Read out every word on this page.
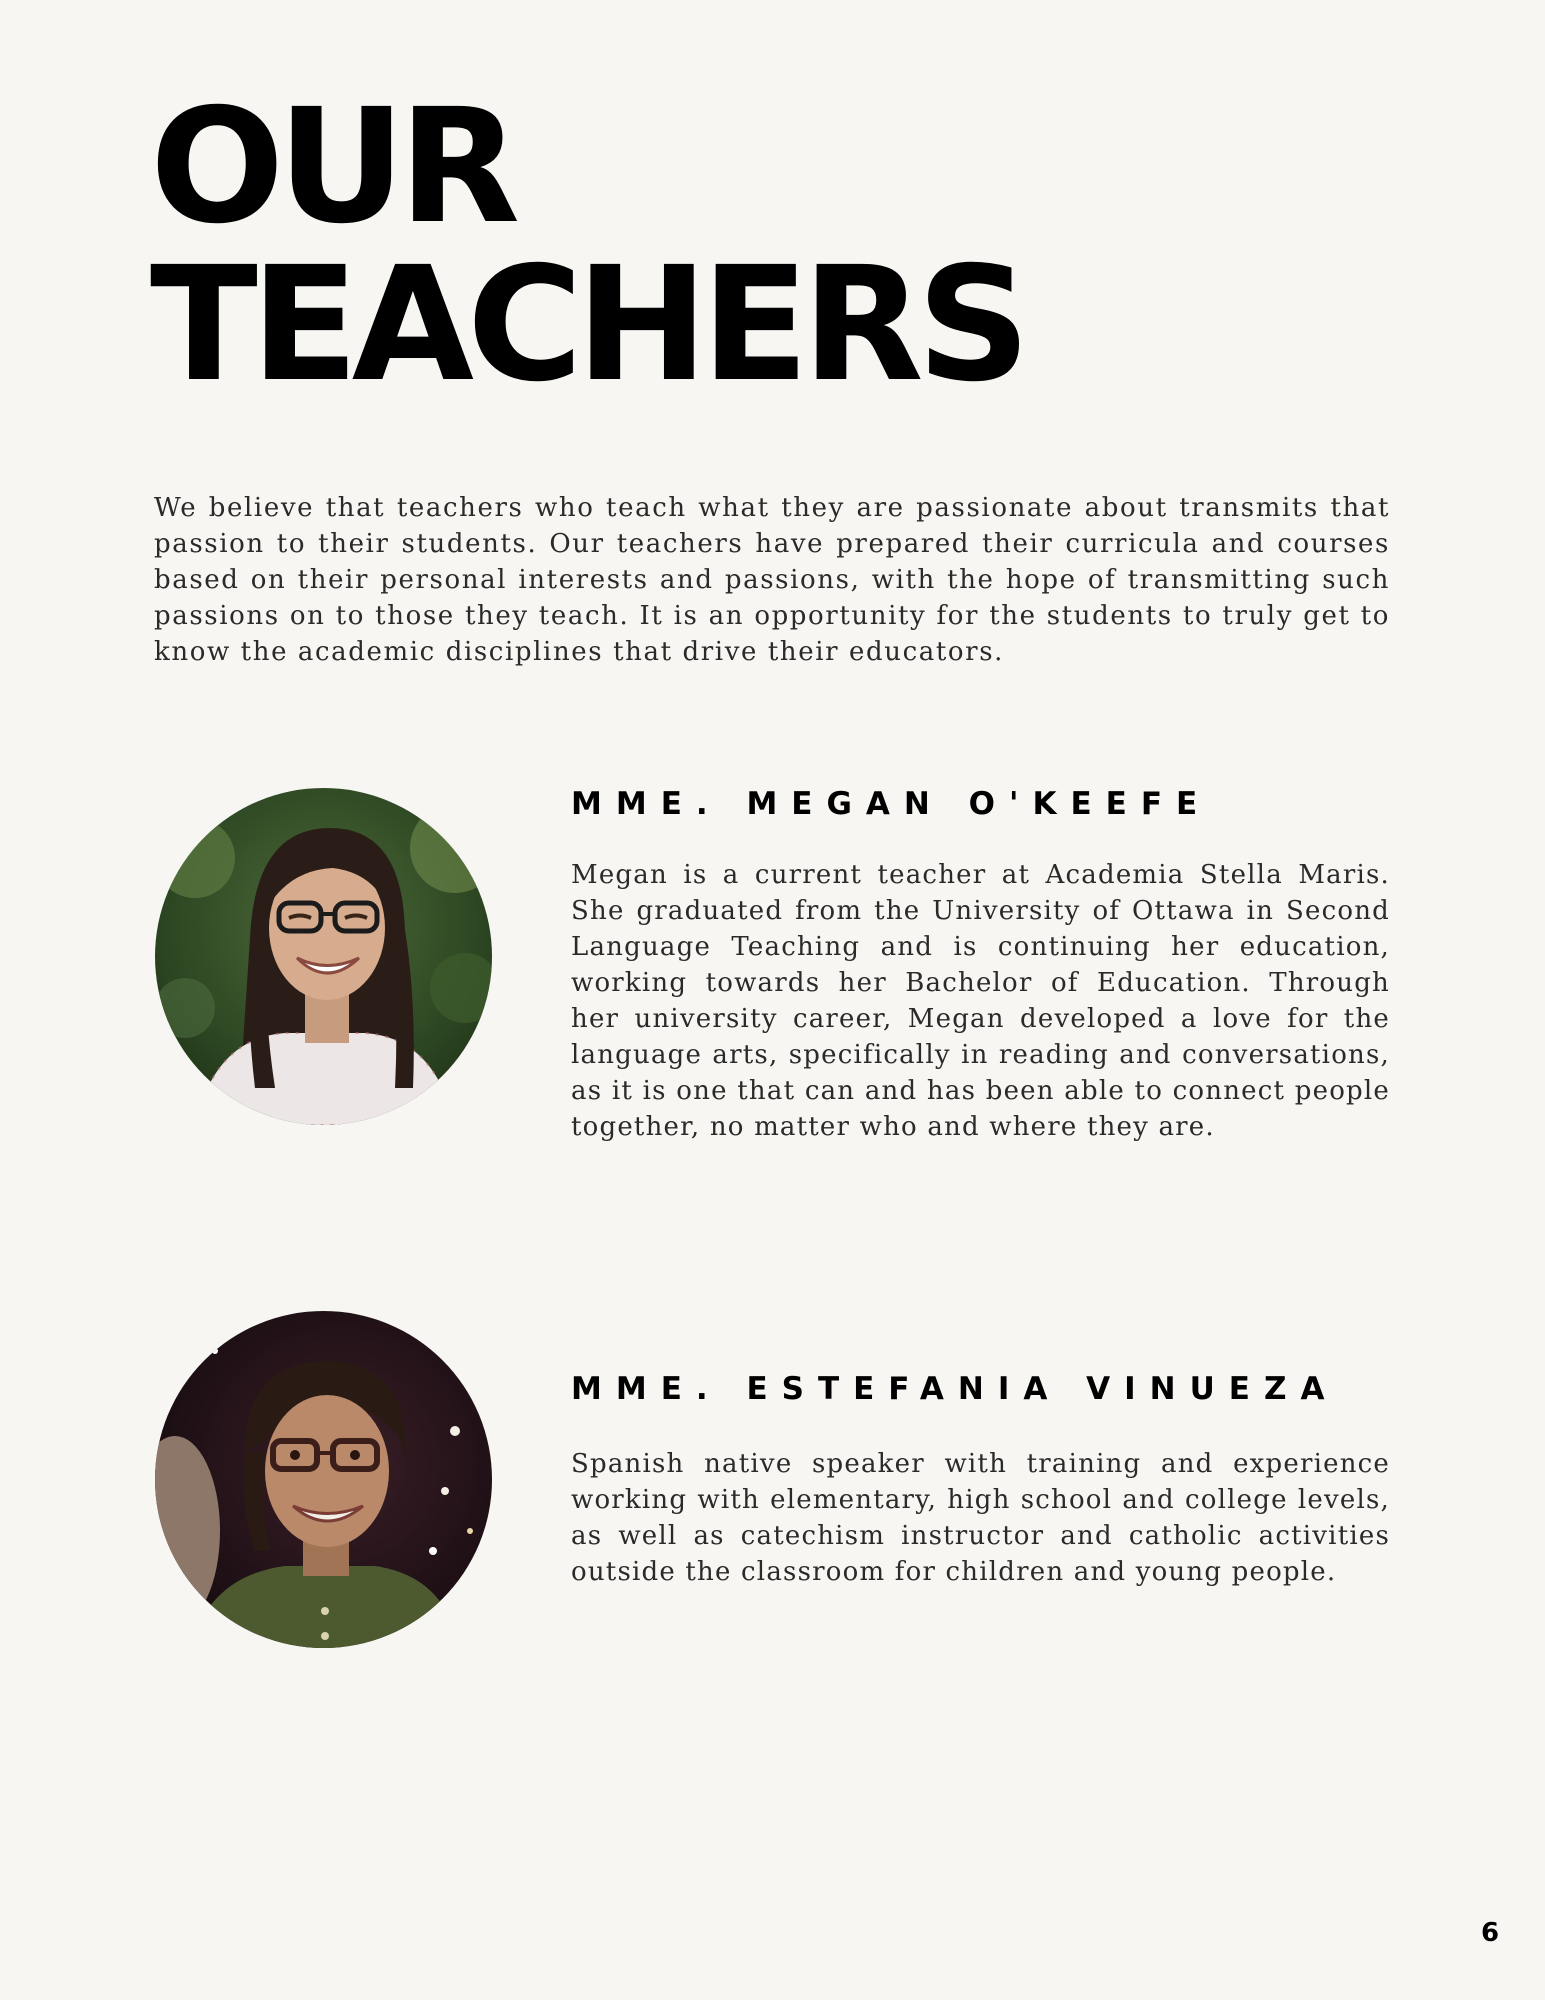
OUR
TEACHERS

We believe that teachers who teach what they are passionate about transmits that passion to their students. Our teachers have prepared their curricula and courses based on their personal interests and passions, with the hope of transmitting such passions on to those they teach. It is an opportunity for the students to truly get to know the academic disciplines that drive their educators.

MME. MEGAN O'KEEFE

Megan is a current teacher at Academia Stella Maris. She graduated from the University of Ottawa in Second Language Teaching and is continuing her education, working towards her Bachelor of Education. Through her university career, Megan developed a love for the language arts, specifically in reading and conversations, as it is one that can and has been able to connect people together, no matter who and where they are.

MME. ESTEFANIA VINUEZA

Spanish native speaker with training and experience working with elementary, high school and college levels, as well as catechism instructor and catholic activities outside the classroom for children and young people.

6
